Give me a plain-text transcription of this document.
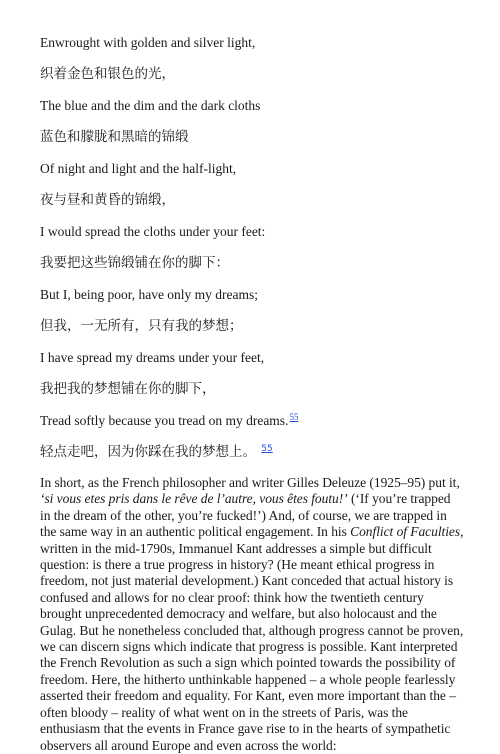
Enwrought with golden and silver light,

织着金色和银色的光，

The blue and the dim and the dark cloths

蓝色和朦胧和黑暗的锦缎

Of night and light and the half-light,

夜与昼和黄昏的锦缎，

I would spread the cloths under your feet:

我要把这些锦缎铺在你的脚下：

But I, being poor, have only my dreams;

但我，一无所有，只有我的梦想；

I have spread my dreams under your feet,

我把我的梦想铺在你的脚下，

Tread softly because you tread on my dreams.$^{55}$

轻点走吧，因为你踩在我的梦想上。 $^{55}$

In short, as the French philosopher and writer Gilles Deleuze (1925–95) put it, ‘si vous etes pris dans le rêve de l’autre, vous êtes foutu!’ (‘If you’re trapped in the dream of the other, you’re fucked!’) And, of course, we are trapped in the same way in an authentic political engagement. In his Conflict of Faculties, written in the mid-1790s, Immanuel Kant addresses a simple but difficult question: is there a true progress in history? (He meant ethical progress in freedom, not just material development.) Kant conceded that actual history is confused and allows for no clear proof: think how the twentieth century brought unprecedented democracy and welfare, but also holocaust and the Gulag. But he nonetheless concluded that, although progress cannot be proven, we can discern signs which indicate that progress is possible. Kant interpreted the French Revolution as such a sign which pointed towards the possibility of freedom. Here, the hitherto unthinkable happened – a whole people fearlessly asserted their freedom and equality. For Kant, even more important than the – often bloody – reality of what went on in the streets of Paris, was the enthusiasm that the events in France gave rise to in the hearts of sympathetic observers all around Europe and even across the world:
